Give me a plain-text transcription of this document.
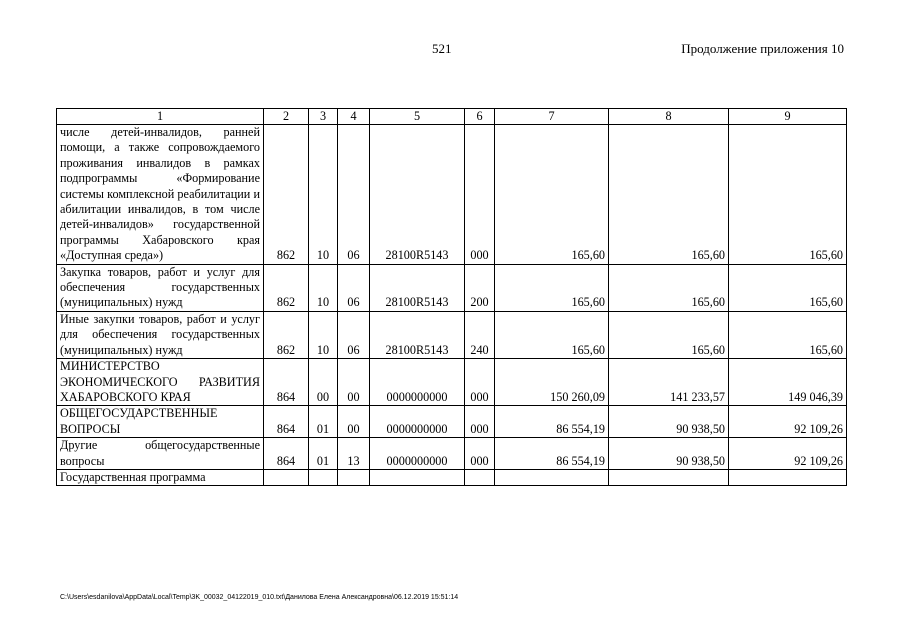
521	Продолжение приложения 10
1	2	3	4	5	6	7	8	9
числе детей-инвалидов, ранней помощи, а также сопровождаемого проживания инвалидов в рамках подпрограммы «Формирование системы комплексной реабилитации и абилитации инвалидов, в том числе детей-инвалидов» государственной программы Хабаровского края «Доступная среда»)	862	10	06	28100R5143	000	165,60	165,60	165,60
Закупка товаров, работ и услуг для обеспечения государственных (муниципальных) нужд	862	10	06	28100R5143	200	165,60	165,60	165,60
Иные закупки товаров, работ и услуг для обеспечения государственных (муниципальных) нужд	862	10	06	28100R5143	240	165,60	165,60	165,60
МИНИСТЕРСТВО ЭКОНОМИЧЕСКОГО РАЗВИТИЯ ХАБАРОВСКОГО КРАЯ	864	00	00	0000000000	000	150 260,09	141 233,57	149 046,39
ОБЩЕГОСУДАРСТВЕННЫЕ ВОПРОСЫ	864	01	00	0000000000	000	86 554,19	90 938,50	92 109,26
Другие общегосударственные вопросы	864	01	13	0000000000	000	86 554,19	90 938,50	92 109,26
Государственная программа								
C:\Users\esdanilova\AppData\Local\Temp\3K_00032_04122019_010.txt\Данилова Елена Александровна\06.12.2019 15:51:14
